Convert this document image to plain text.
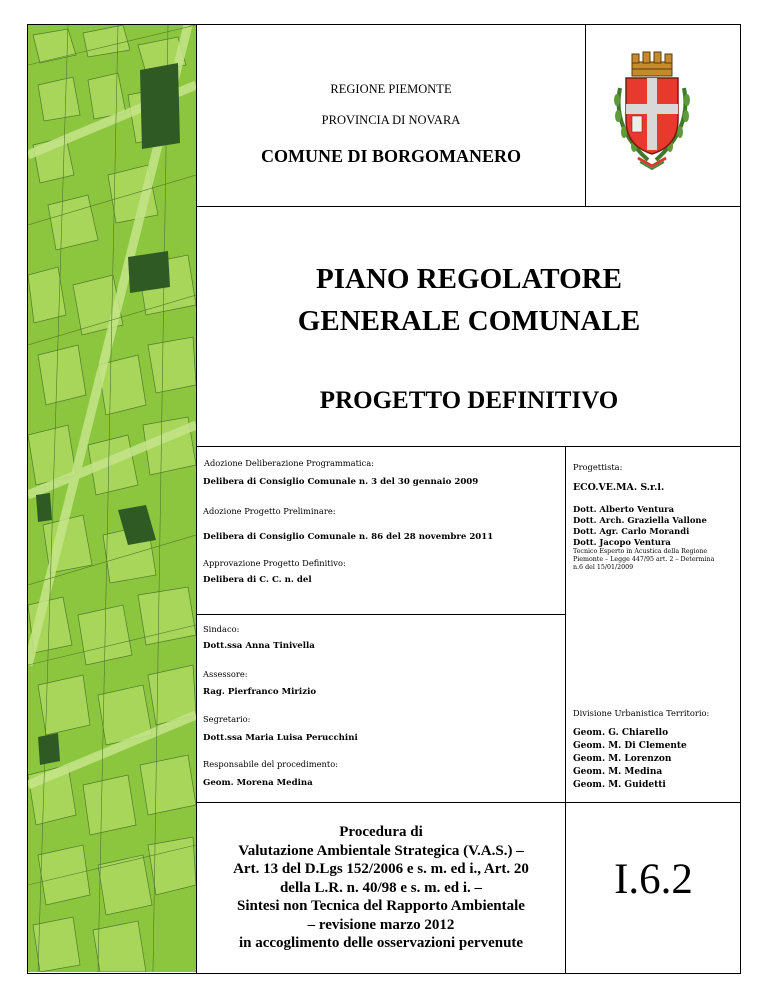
REGIONE PIEMONTE
PROVINCIA DI NOVARA
COMUNE DI BORGOMANERO
PIANO REGOLATORE
GENERALE COMUNALE
PROGETTO DEFINITIVO
Adozione Deliberazione Programmatica:
Delibera di Consiglio Comunale n. 3 del 30 gennaio 2009
Adozione Progetto Preliminare:
Delibera di Consiglio Comunale n. 86 del 28 novembre 2011
Approvazione Progetto Definitivo:
Delibera di C. C. n. del
Progettista:
ECO.VE.MA. S.r.l.
Dott. Alberto Ventura
Dott. Arch. Graziella Vallone
Dott. Agr. Carlo Morandi
Dott. Jacopo Ventura
Tecnico Esperto in Acustica della Regione
Piemonte – Legge 447/95 art. 2 – Determina
n.6 del 15/01/2009
Sindaco:
Dott.ssa Anna Tinivella
Assessore:
Rag. Pierfranco Mirizio
Segretario:
Dott.ssa Maria Luisa Perucchini
Responsabile del procedimento:
Geom. Morena Medina
Divisione Urbanistica Territorio:
Geom. G. Chiarello
Geom. M. Di Clemente
Geom. M. Lorenzon
Geom. M. Medina
Geom. M. Guidetti
Procedura di
Valutazione Ambientale Strategica (V.A.S.) –
Art. 13 del D.Lgs 152/2006 e s. m. ed i., Art. 20
della L.R. n. 40/98 e s. m. ed i. –
Sintesi non Tecnica del Rapporto Ambientale
– revisione marzo 2012
in accoglimento delle osservazioni pervenute
I.6.2
